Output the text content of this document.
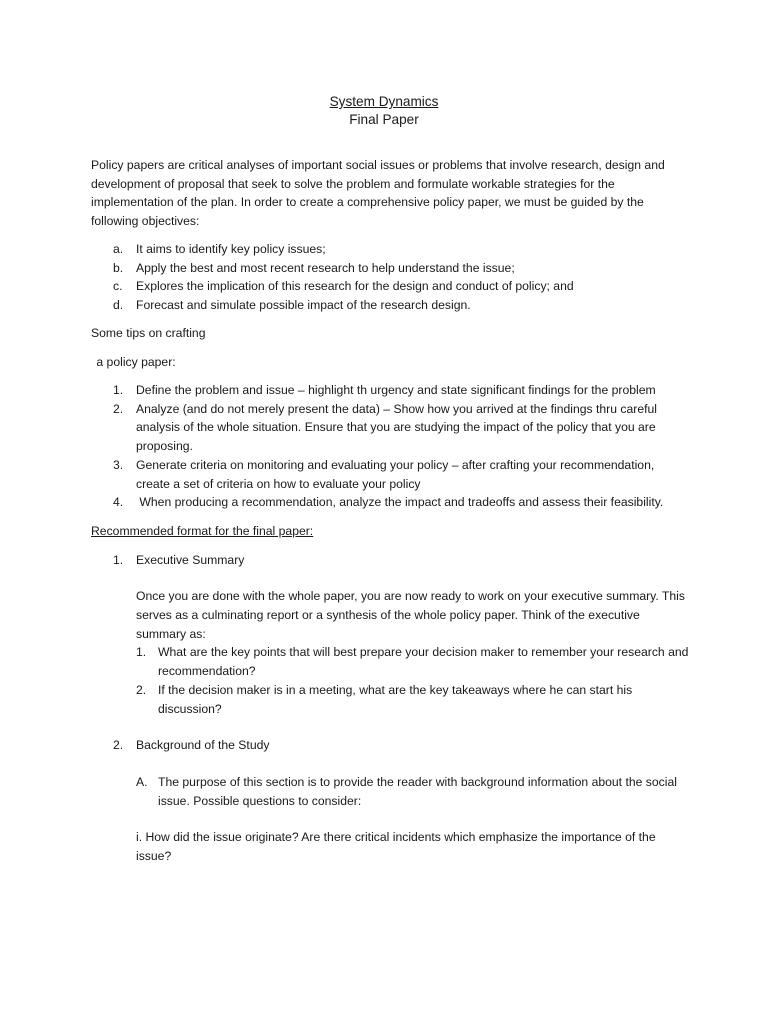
System Dynamics

Final Paper

Policy papers are critical analyses of important social issues or problems that involve research, design and development of proposal that seek to solve the problem and formulate workable strategies for the implementation of the plan. In order to create a comprehensive policy paper, we must be guided by the following objectives:

a. It aims to identify key policy issues;
b. Apply the best and most recent research to help understand the issue;
c. Explores the implication of this research for the design and conduct of policy; and
d. Forecast and simulate possible impact of the research design.

Some tips on crafting

a policy paper:

1. Define the problem and issue – highlight th urgency and state significant findings for the problem
2. Analyze (and do not merely present the data) – Show how you arrived at the findings thru careful analysis of the whole situation. Ensure that you are studying the impact of the policy that you are proposing.
3. Generate criteria on monitoring and evaluating your policy – after crafting your recommendation, create a set of criteria on how to evaluate your policy
4. When producing a recommendation, analyze the impact and tradeoffs and assess their feasibility.

Recommended format for the final paper:

1. Executive Summary

Once you are done with the whole paper, you are now ready to work on your executive summary. This serves as a culminating report or a synthesis of the whole policy paper. Think of the executive summary as:

1. What are the key points that will best prepare your decision maker to remember your research and recommendation?
2. If the decision maker is in a meeting, what are the key takeaways where he can start his discussion?
2. Background of the Study
A. The purpose of this section is to provide the reader with background information about the social issue. Possible questions to consider:

i. How did the issue originate? Are there critical incidents which emphasize the importance of the issue?
